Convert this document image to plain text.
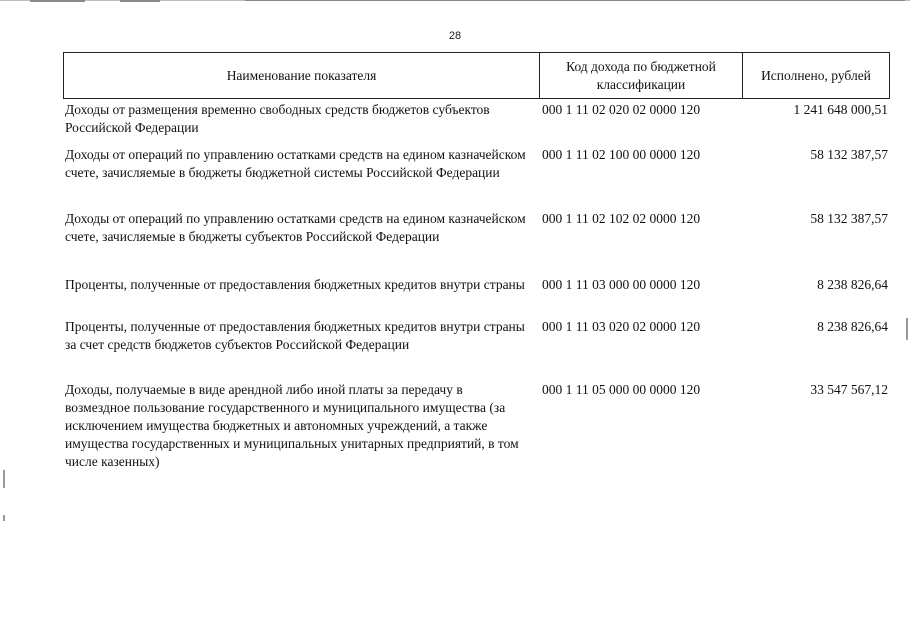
28
Наименование показателя
Код дохода по бюджетной классификации
Исполнено, рублей
Доходы от размещения временно свободных средств бюджетов субъектов Российской Федерации
000 1 11 02 020 02 0000 120	1 241 648 000,51
Доходы от операций по управлению остатками средств на едином казначейском счете, зачисляемые в бюджеты бюджетной системы Российской Федерации
000 1 11 02 100 00 0000 120	58 132 387,57
Доходы от операций по управлению остатками средств на едином казначейском счете, зачисляемые в бюджеты субъектов Российской Федерации
000 1 11 02 102 02 0000 120	58 132 387,57
Проценты, полученные от предоставления бюджетных кредитов внутри страны	000 1 11 03 000 00 0000 120	8 238 826,64
Проценты, полученные от предоставления бюджетных кредитов внутри страны за счет средств бюджетов субъектов Российской Федерации
000 1 11 03 020 02 0000 120	8 238 826,64
Доходы, получаемые в виде арендной либо иной платы за передачу в возмездное пользование государственного и муниципального имущества (за исключением имущества бюджетных и автономных учреждений, а также имущества государственных и муниципальных унитарных предприятий, в том числе казенных)
000 1 11 05 000 00 0000 120	33 547 567,12
